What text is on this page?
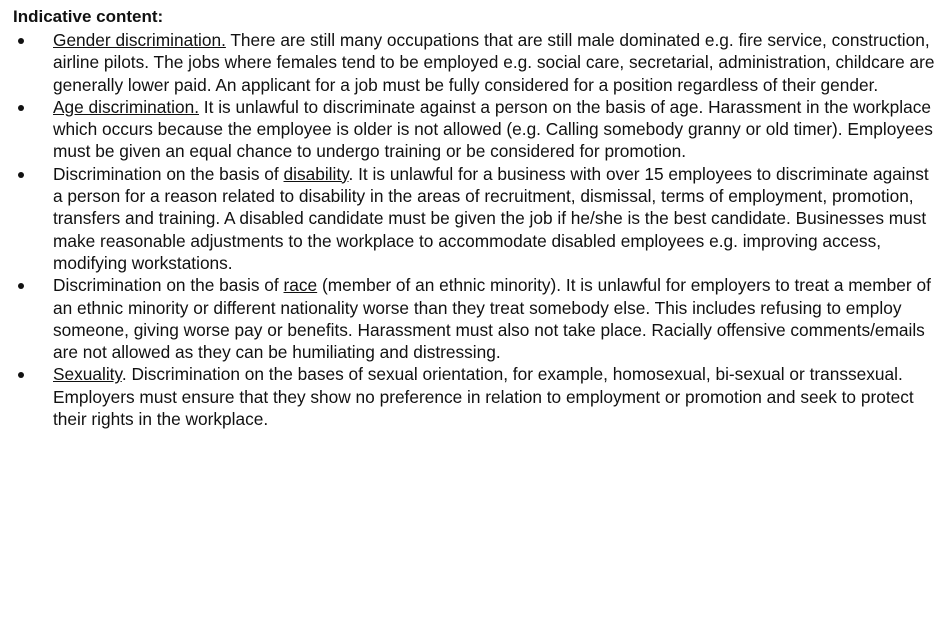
Indicative content:
Gender discrimination. There are still many occupations that are still male dominated e.g. fire service, construction, airline pilots. The jobs where females tend to be employed e.g. social care, secretarial, administration, childcare are generally lower paid. An applicant for a job must be fully considered for a position regardless of their gender.
Age discrimination. It is unlawful to discriminate against a person on the basis of age. Harassment in the workplace which occurs because the employee is older is not allowed (e.g. Calling somebody granny or old timer). Employees must be given an equal chance to undergo training or be considered for promotion.
Discrimination on the basis of disability. It is unlawful for a business with over 15 employees to discriminate against a person for a reason related to disability in the areas of recruitment, dismissal, terms of employment, promotion, transfers and training. A disabled candidate must be given the job if he/she is the best candidate. Businesses must make reasonable adjustments to the workplace to accommodate disabled employees e.g. improving access, modifying workstations.
Discrimination on the basis of race (member of an ethnic minority). It is unlawful for employers to treat a member of an ethnic minority or different nationality worse than they treat somebody else. This includes refusing to employ someone, giving worse pay or benefits. Harassment must also not take place. Racially offensive comments/emails are not allowed as they can be humiliating and distressing.
Sexuality. Discrimination on the bases of sexual orientation, for example, homosexual, bi-sexual or transsexual. Employers must ensure that they show no preference in relation to employment or promotion and seek to protect their rights in the workplace.
